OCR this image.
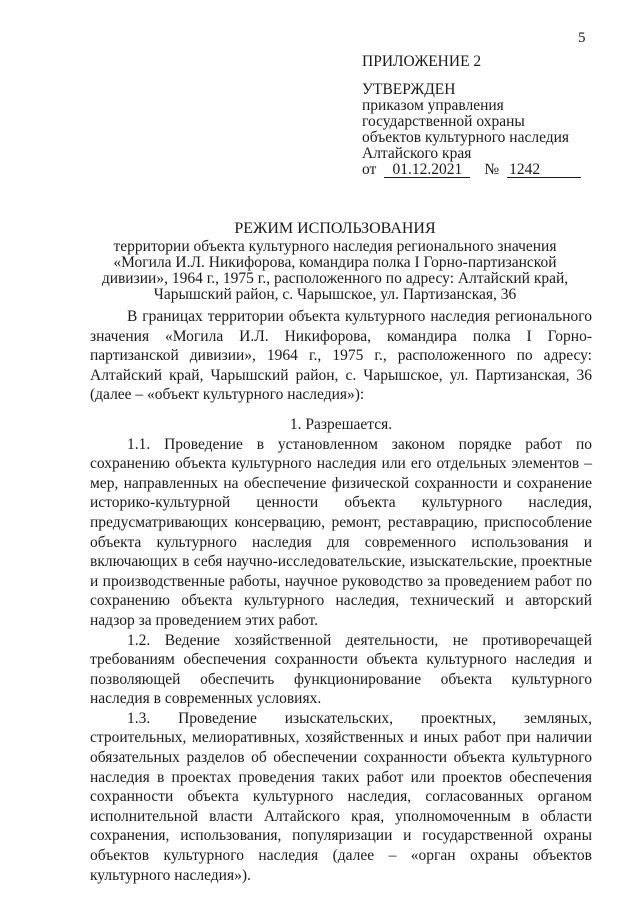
5

ПРИЛОЖЕНИЕ 2

УТВЕРЖДЕН

приказом управления

государственной охраны

объектов культурного наследия

Алтайского края

от	01.12.2021	№ 1242

РЕЖИМ ИСПОЛЬЗОВАНИЯ

территории объекта культурного наследия регионального значения

«Могила И.Л. Никифорова, командира полка I Горно-партизанской

дивизии», 1964 г., 1975 г., расположенного по адресу: Алтайский край,

Чарышский район, с. Чарышское, ул. Партизанская, 36

В границах территории объекта культурного наследия регионального значения «Могила И.Л. Никифорова, командира полка I Горно-партизанской дивизии», 1964 г., 1975 г., расположенного по адресу: Алтайский край, Чарышский район, с. Чарышское, ул. Партизанская, 36 (далее – «объект культурного наследия»):

1. Разрешается.

1.1. Проведение в установленном законом порядке работ по сохранению объекта культурного наследия или его отдельных элементов – мер, направленных на обеспечение физической сохранности и сохранение историко-культурной ценности объекта культурного наследия, предусматривающих консервацию, ремонт, реставрацию, приспособление объекта культурного наследия для современного использования и включающих в себя научно-исследовательские, изыскательские, проектные и производственные работы, научное руководство за проведением работ по сохранению объекта культурного наследия, технический и авторский надзор за проведением этих работ.

1.2. Ведение хозяйственной деятельности, не противоречащей требованиям обеспечения сохранности объекта культурного наследия и позволяющей обеспечить функционирование объекта культурного наследия в современных условиях.

1.3. Проведение изыскательских, проектных, земляных, строительных, мелиоративных, хозяйственных и иных работ при наличии обязательных разделов об обеспечении сохранности объекта культурного наследия в проектах проведения таких работ или проектов обеспечения сохранности объекта культурного наследия, согласованных органом исполнительной власти Алтайского края, уполномоченным в области сохранения, использования, популяризации и государственной охраны объектов культурного наследия (далее – «орган охраны объектов культурного наследия»).
